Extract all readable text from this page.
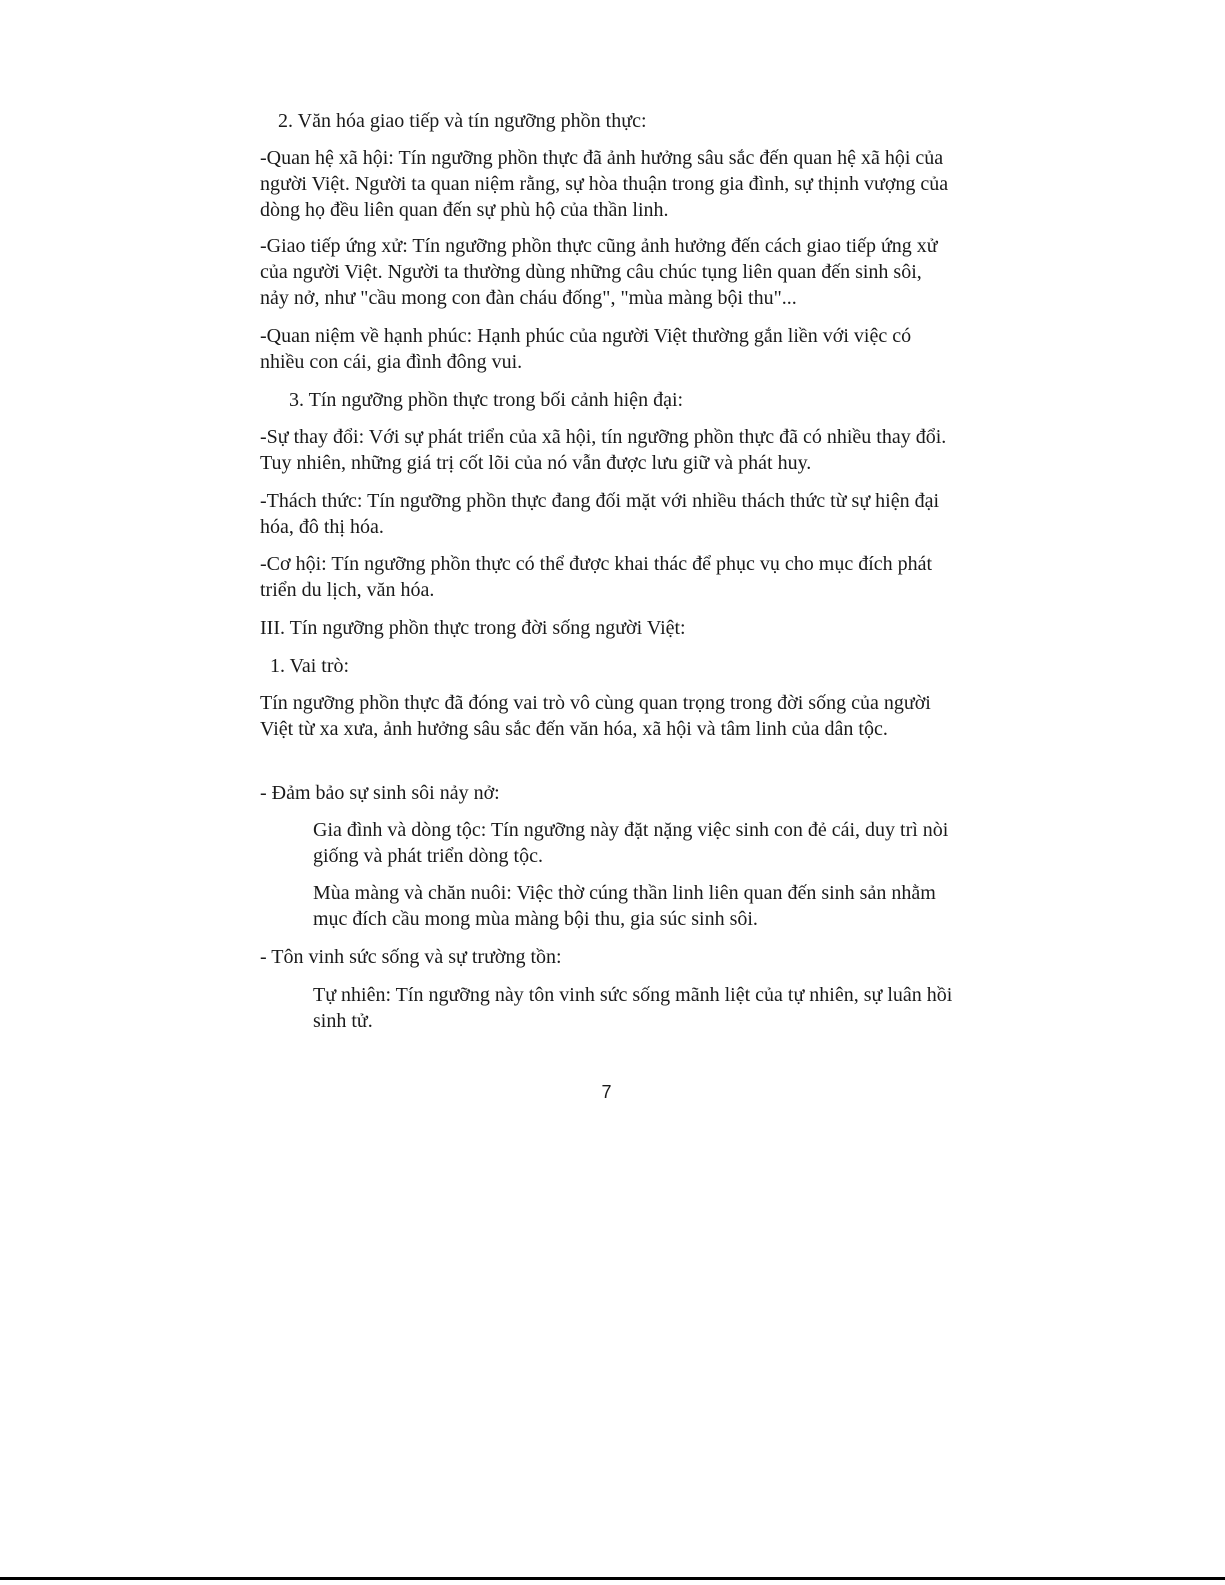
2. Văn hóa giao tiếp và tín ngưỡng phồn thực:

-Quan hệ xã hội: Tín ngưỡng phồn thực đã ảnh hưởng sâu sắc đến quan hệ xã hội của người Việt. Người ta quan niệm rằng, sự hòa thuận trong gia đình, sự thịnh vượng của dòng họ đều liên quan đến sự phù hộ của thần linh.

-Giao tiếp ứng xử: Tín ngưỡng phồn thực cũng ảnh hưởng đến cách giao tiếp ứng xử của người Việt. Người ta thường dùng những câu chúc tụng liên quan đến sinh sôi, nảy nở, như "cầu mong con đàn cháu đống", "mùa màng bội thu"...

-Quan niệm về hạnh phúc: Hạnh phúc của người Việt thường gắn liền với việc có nhiều con cái, gia đình đông vui.

3. Tín ngưỡng phồn thực trong bối cảnh hiện đại:

-Sự thay đổi: Với sự phát triển của xã hội, tín ngưỡng phồn thực đã có nhiều thay đổi. Tuy nhiên, những giá trị cốt lõi của nó vẫn được lưu giữ và phát huy.

-Thách thức: Tín ngưỡng phồn thực đang đối mặt với nhiều thách thức từ sự hiện đại hóa, đô thị hóa.

-Cơ hội: Tín ngưỡng phồn thực có thể được khai thác để phục vụ cho mục đích phát triển du lịch, văn hóa.

III. Tín ngưỡng phồn thực trong đời sống người Việt:

1. Vai trò:

Tín ngưỡng phồn thực đã đóng vai trò vô cùng quan trọng trong đời sống của người Việt từ xa xưa, ảnh hưởng sâu sắc đến văn hóa, xã hội và tâm linh của dân tộc.

- Đảm bảo sự sinh sôi nảy nở:

Gia đình và dòng tộc: Tín ngưỡng này đặt nặng việc sinh con đẻ cái, duy trì nòi giống và phát triển dòng tộc.

Mùa màng và chăn nuôi: Việc thờ cúng thần linh liên quan đến sinh sản nhằm mục đích cầu mong mùa màng bội thu, gia súc sinh sôi.

- Tôn vinh sức sống và sự trường tồn:

Tự nhiên: Tín ngưỡng này tôn vinh sức sống mãnh liệt của tự nhiên, sự luân hồi sinh tử.

7
